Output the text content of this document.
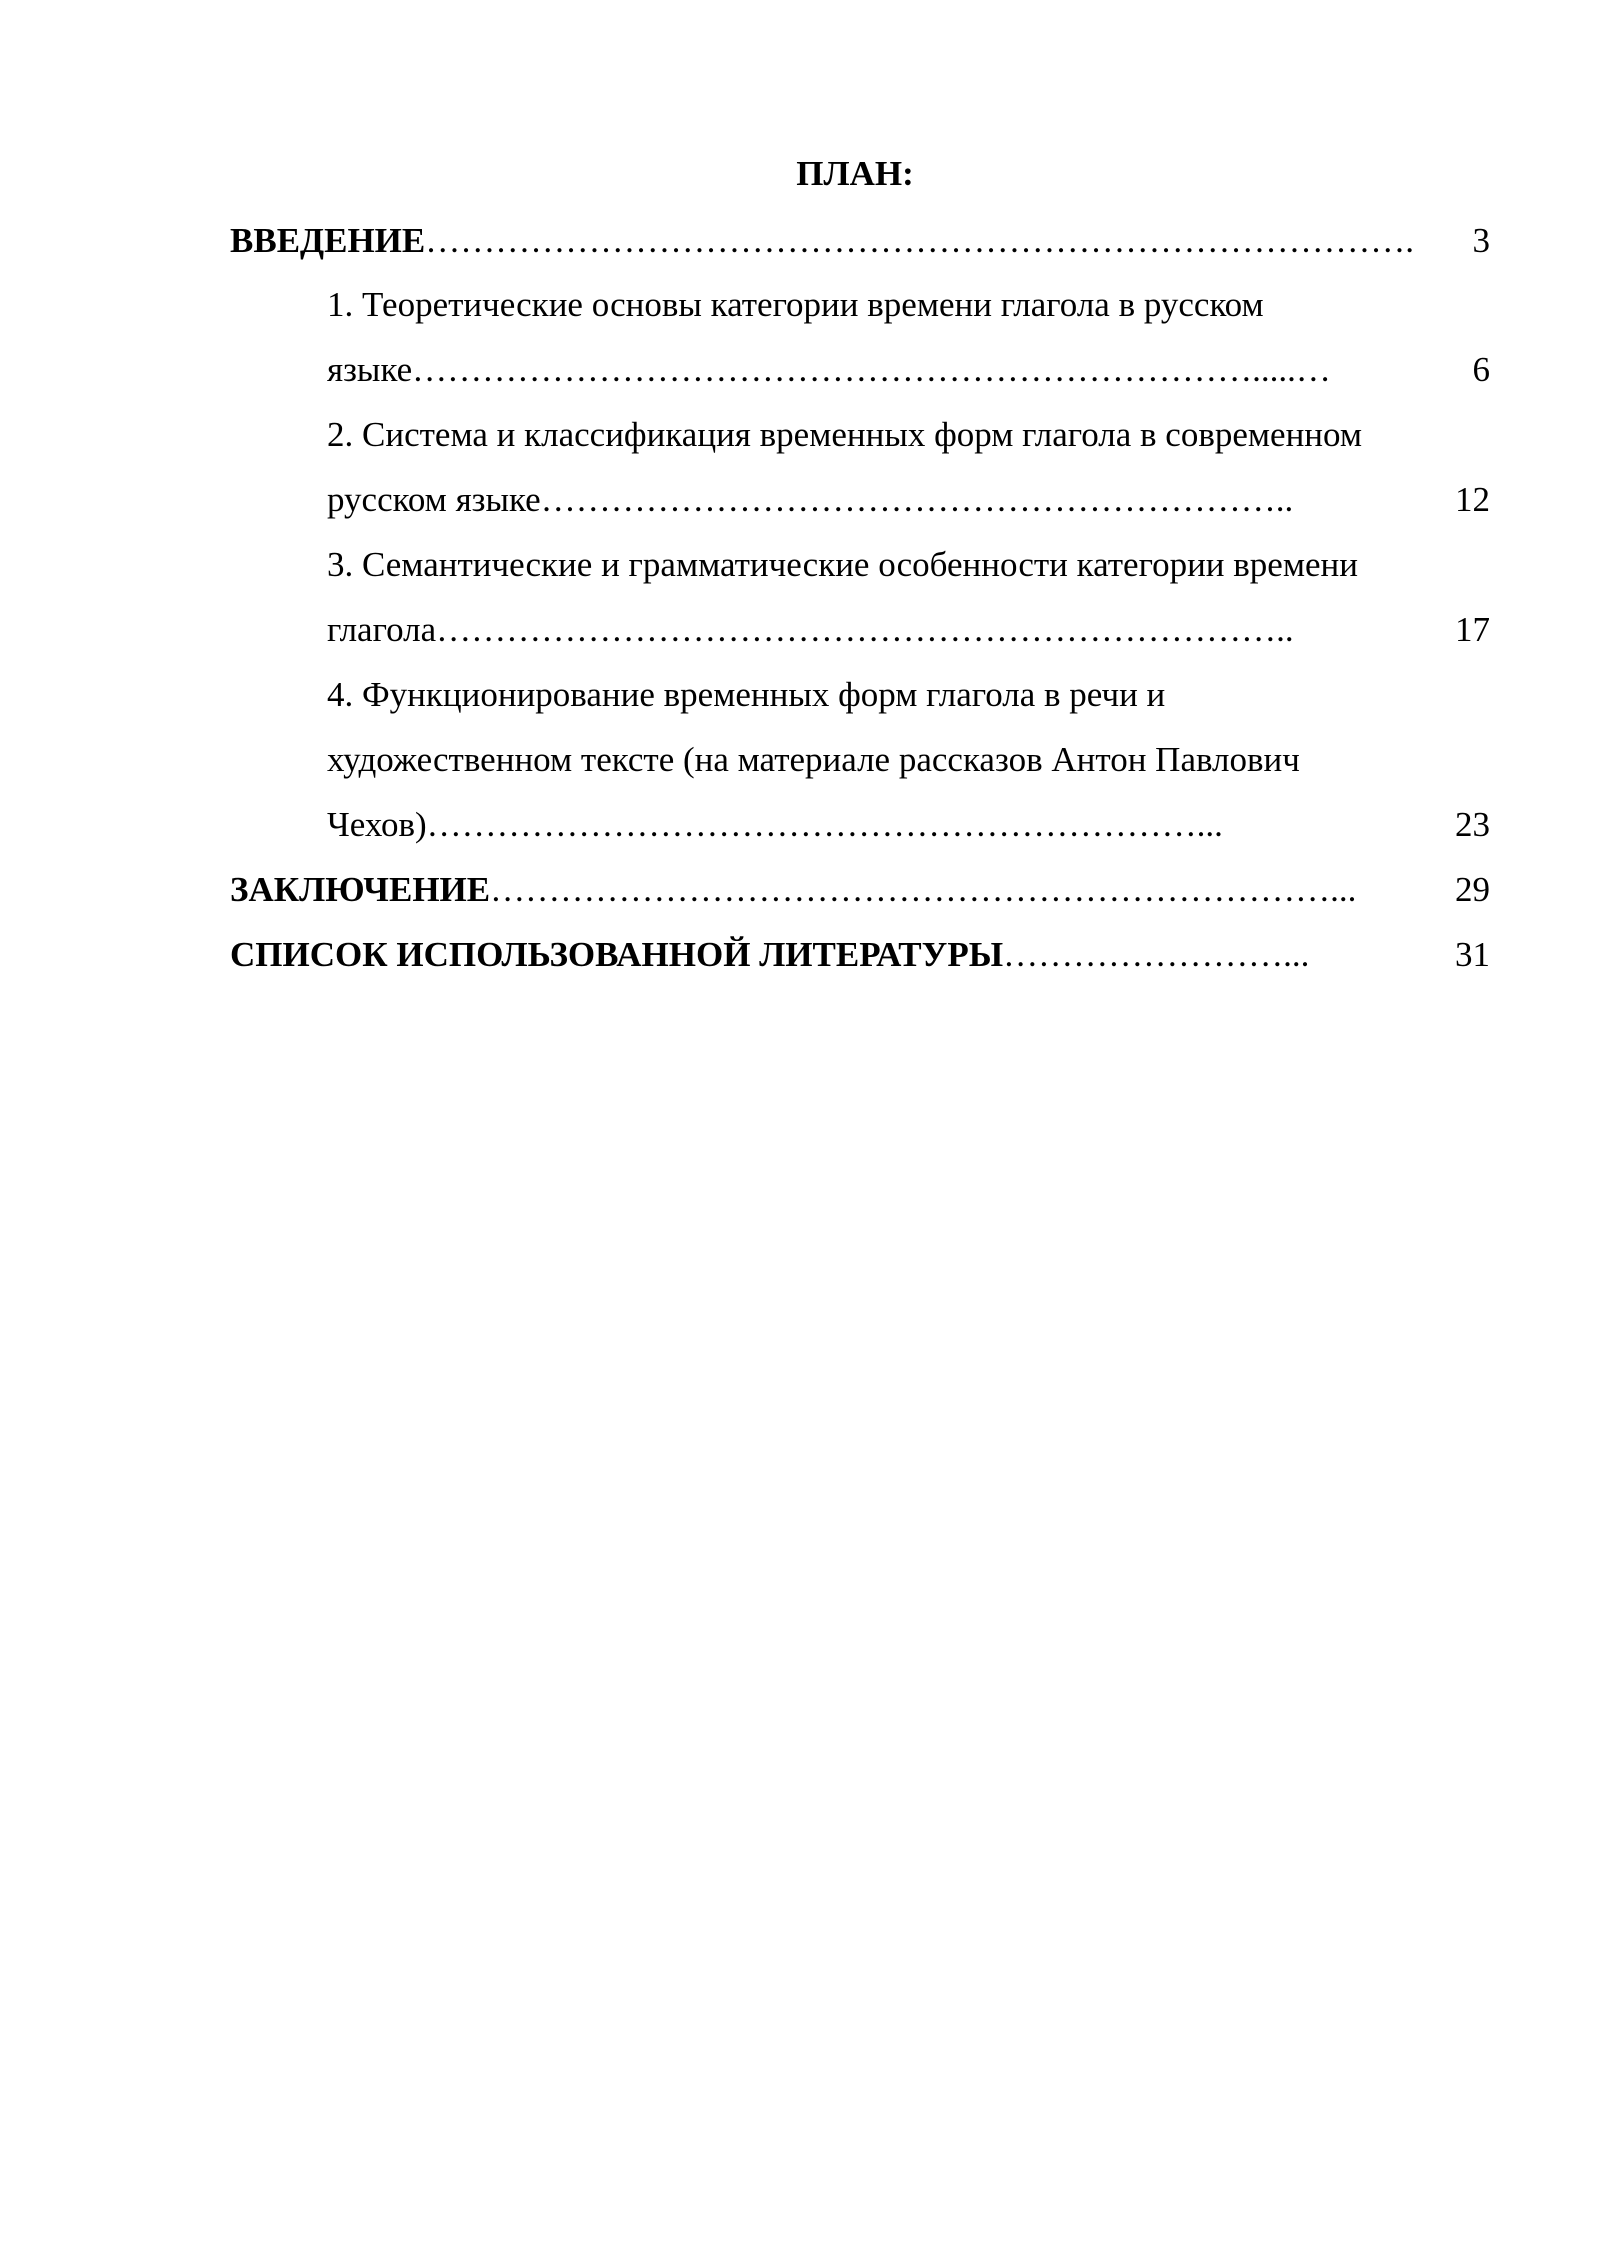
ПЛАН:
ВВЕДЕНИЕ…………………………………………………………………………. 3
1. Теоретические основы категории времени глагола в русском
языке……………………………………………………………….....…	6
2. Система и классификация временных форм глагола в современном
русском языке………………………………………………………..	12
3. Семантические и грамматические особенности категории времени
глагола………………………………………………………………..	17
4. Функционирование временных форм глагола в речи и
художественном тексте (на материале рассказов Антон Павлович
Чехов)…………………………………………………………...	23
ЗАКЛЮЧЕНИЕ………………………………………………………………...	29
СПИСОК ИСПОЛЬЗОВАННОЙ ЛИТЕРАТУРЫ……………………...	31
